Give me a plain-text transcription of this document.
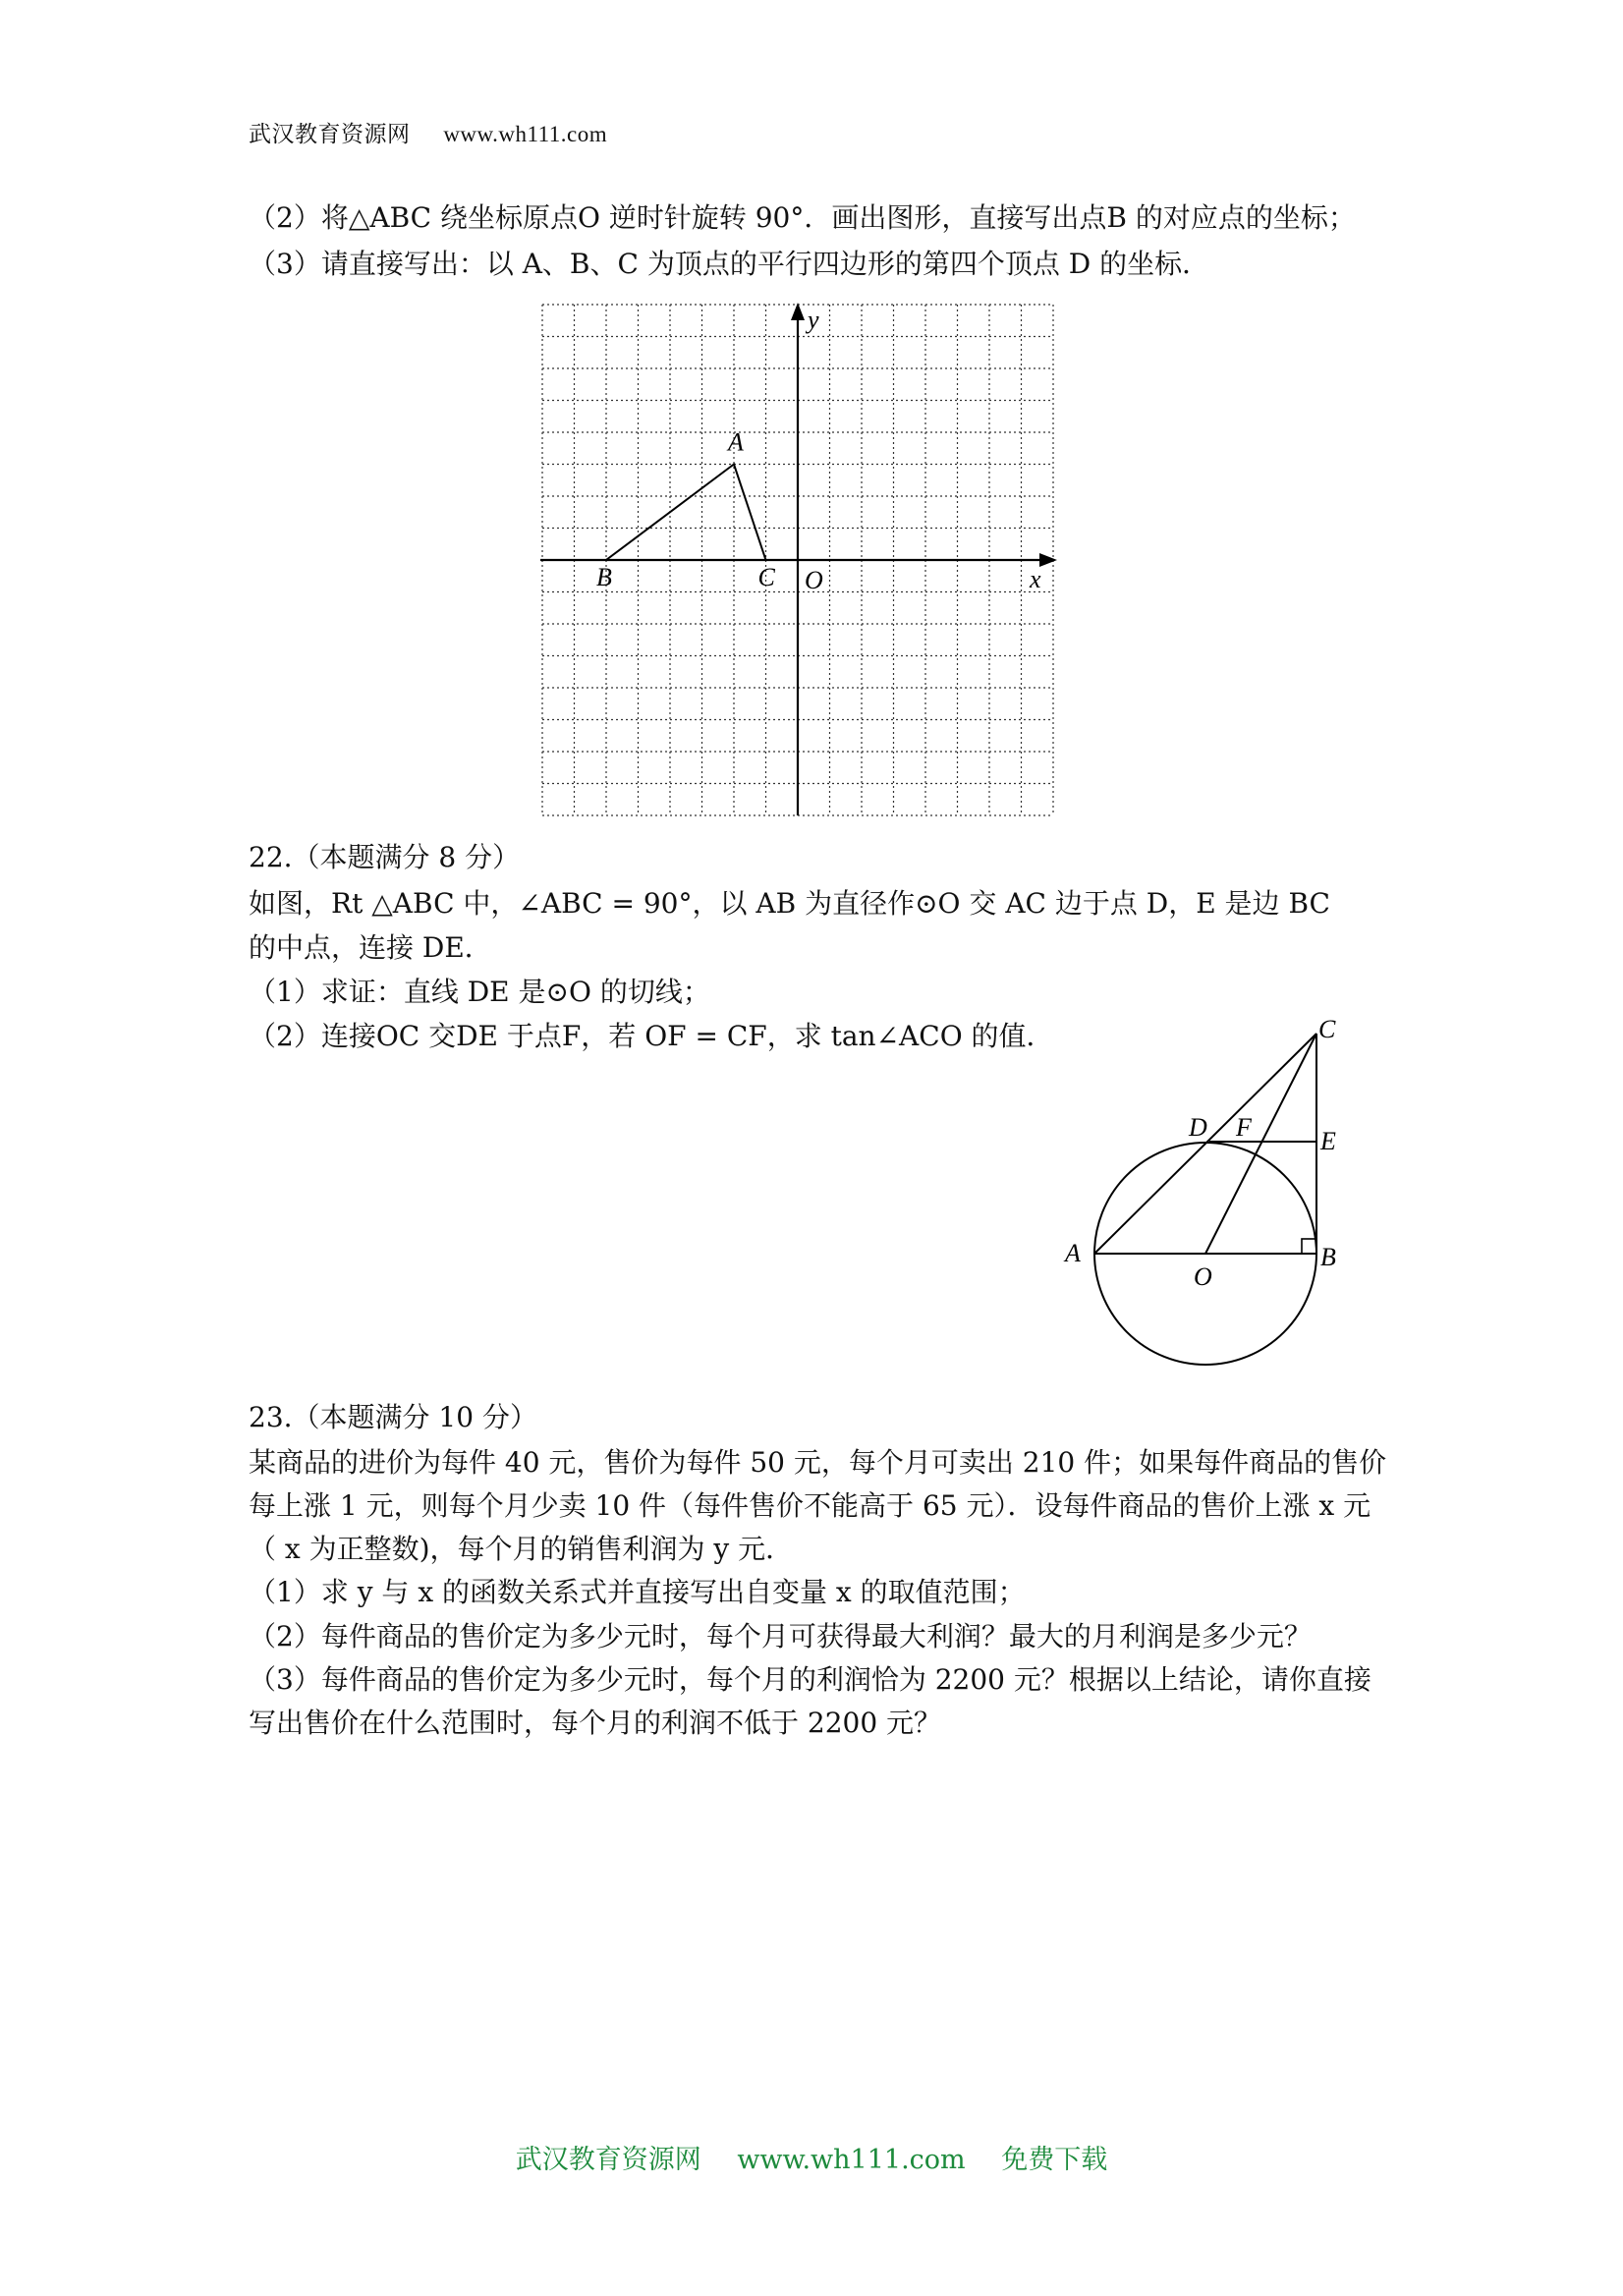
武汉教育资源网 www.wh111.com
（2）将△ABC 绕坐标原点O 逆时针旋转 90°．画出图形，直接写出点B 的对应点的坐标；
（3）请直接写出：以 A、B、C 为顶点的平行四边形的第四个顶点 D 的坐标．
x
y
O
A
B	C
22.（本题满分 8 分）
如图，Rt △ABC 中，∠ABC = 90°，以 AB 为直径作⊙O 交 AC 边于点 D，E 是边 BC
的中点，连接 DE．
（1）求证：直线 DE 是⊙O 的切线；
（2）连接OC 交DE 于点F，若 OF = CF，求 tan∠ACO 的值．	C
D F	E
A	B
O
23.（本题满分 10 分）
某商品的进价为每件 40 元，售价为每件 50 元，每个月可卖出 210 件；如果每件商品的售价
每上涨 1 元，则每个月少卖 10 件（每件售价不能高于 65 元）．设每件商品的售价上涨 x 元
（ x 为正整数)，每个月的销售利润为 y 元．
（1）求 y 与 x 的函数关系式并直接写出自变量 x 的取值范围；
（2）每件商品的售价定为多少元时，每个月可获得最大利润？最大的月利润是多少元？
（3）每件商品的售价定为多少元时，每个月的利润恰为 2200 元？根据以上结论，请你直接
写出售价在什么范围时，每个月的利润不低于 2200 元？
武汉教育资源网 www.wh111.com 免费下载
